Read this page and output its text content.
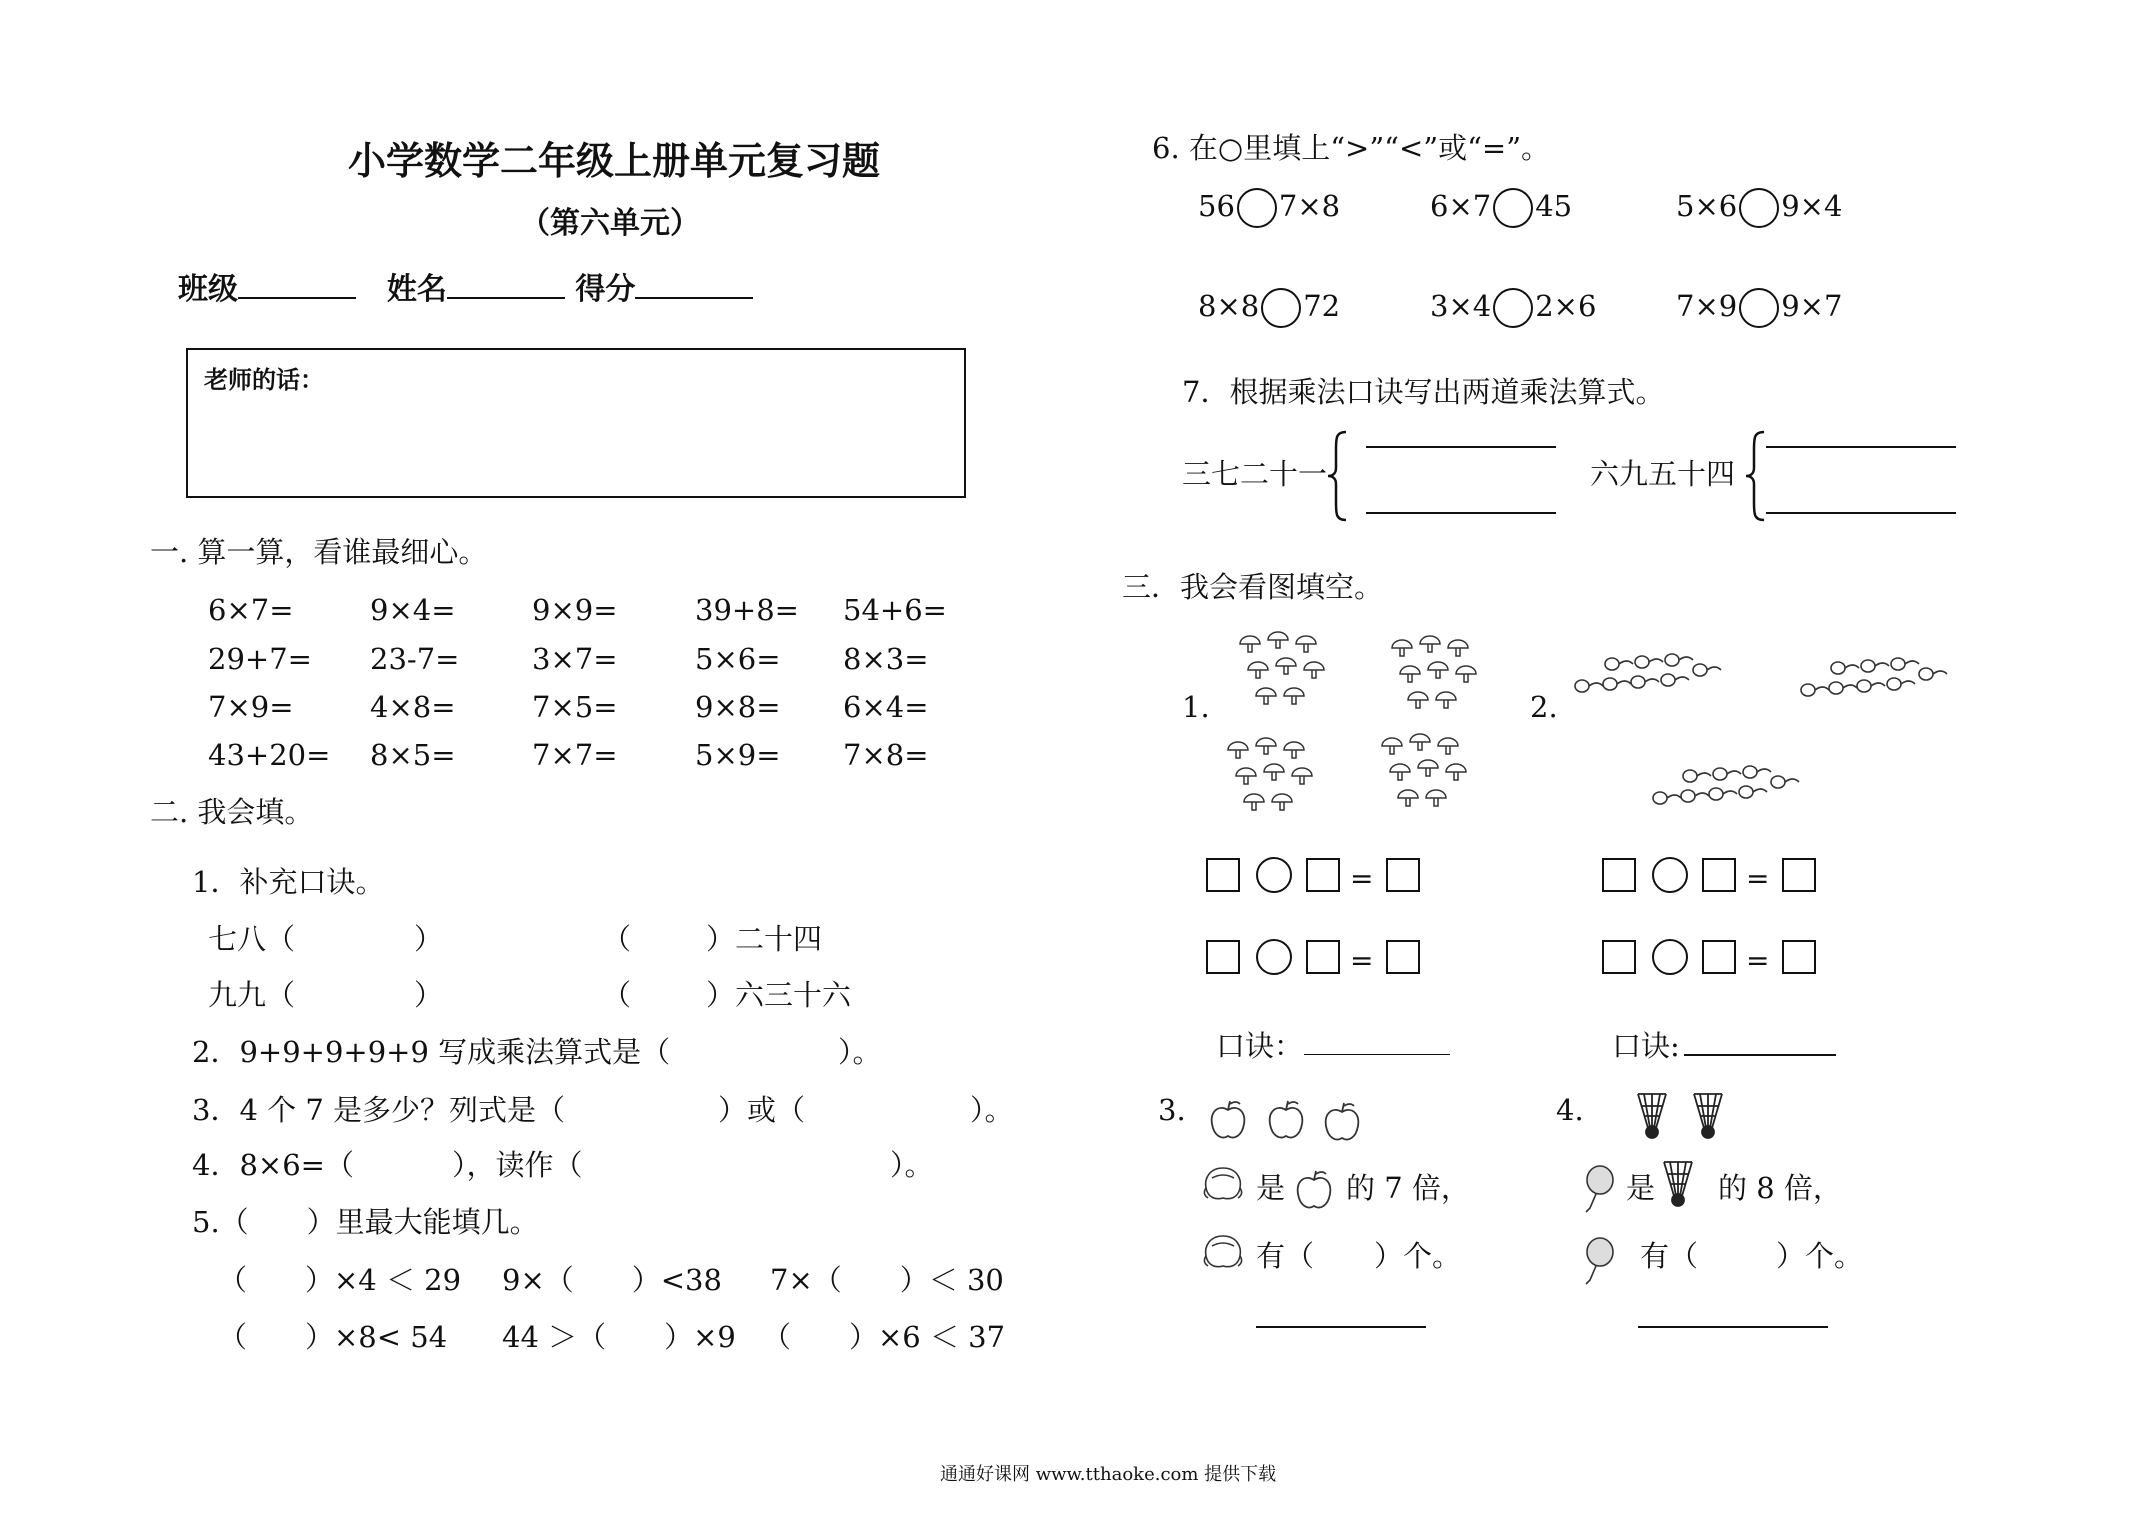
小学数学二年级上册单元复习题
（第六单元）
班级	姓名	得分
老师的话：
一. 算一算，看谁最细心。
6×7=	9×4=	9×9=	39+8= 54+6=
29+7= 23-7=	3×7=	5×6= 8×3=
7×9=	4×8=	7×5=	9×8= 6×4=
43+20= 8×5=	7×7=	5×9= 7×8=
二. 我会填。
1．补充口诀。
七八（	）	（	）二十四
九九（	）	（	）六三十六
2．9+9+9+9+9 写成乘法算式是（	）。
3．4 个 7 是多少？列式是（	）或（	）。
4．8×6=（	），读作（	）。
5.（　　）里最大能填几。
（　　）×4 ＜ 29 9×（　　）<38 7×（　　）＜ 30
（　　）×8< 54 44 ＞（　　）×9 （　　）×6 ＜ 37
6. 在○里填上“>”“<”或“=”。
56 7×8	6×7 45	5×6 9×4
8×8 72	3×4 2×6	7×9 9×7
7．根据乘法口诀写出两道乘法算式。
三七二十一	六九五十四
三．我会看图填空。
1.	2.
=
=
=
=
口诀：	口诀:
3.
是 的 7 倍，
有（ ）个。
4.
是 的 8 倍，
有（	）个。
通通好课网 www.tthaoke.com 提供下载
